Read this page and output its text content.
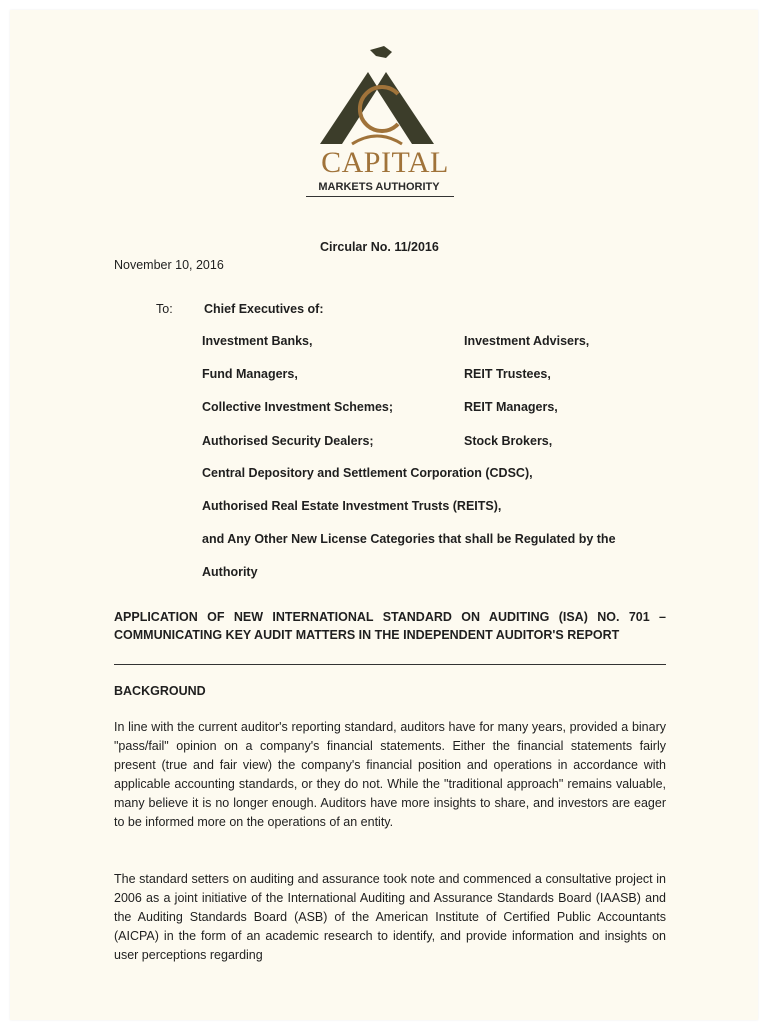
CAPITAL
MARKETS AUTHORITY
Circular No. 11/2016
November 10, 2016
To:	Chief Executives of:
Investment Banks,
Fund Managers,
Collective Investment Schemes;
Authorised Security Dealers;
Investment Advisers,
REIT Trustees,
REIT Managers,
Stock Brokers,
Central Depository and Settlement Corporation (CDSC),
Authorised Real Estate Investment Trusts (REITS),
and Any Other New License Categories that shall be Regulated by the
Authority
APPLICATION OF NEW INTERNATIONAL STANDARD ON AUDITING (ISA) NO. 701 – COMMUNICATING KEY AUDIT MATTERS IN THE INDEPENDENT AUDITOR'S REPORT
BACKGROUND
In line with the current auditor's reporting standard, auditors have for many years, provided a binary "pass/fail" opinion on a company's financial statements. Either the financial statements fairly present (true and fair view) the company's financial position and operations in accordance with applicable accounting standards, or they do not. While the "traditional approach" remains valuable, many believe it is no longer enough. Auditors have more insights to share, and investors are eager to be informed more on the operations of an entity.
The standard setters on auditing and assurance took note and commenced a consultative project in 2006 as a joint initiative of the International Auditing and Assurance Standards Board (IAASB) and the Auditing Standards Board (ASB) of the American Institute of Certified Public Accountants (AICPA) in the form of an academic research to identify, and provide information and insights on user perceptions regarding
